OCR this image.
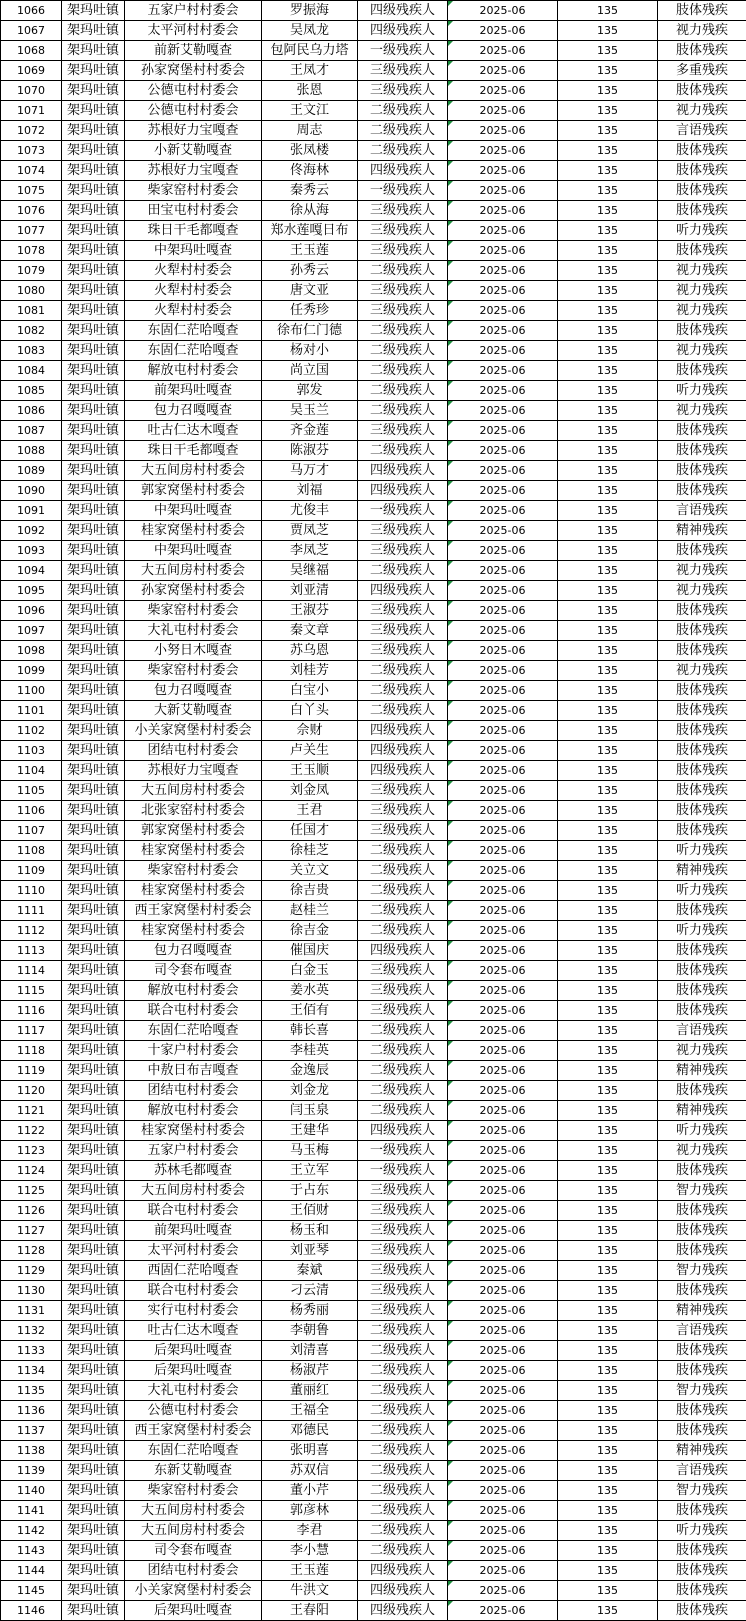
1066	架玛吐镇	五家户村村委会	罗振海	四级残疾人	2025-06	135	肢体残疾
1067	架玛吐镇	太平河村村委会	吴凤龙	四级残疾人	2025-06	135	视力残疾
1068	架玛吐镇	前新艾勒嘎查	包阿民乌力塔	一级残疾人	2025-06	135	肢体残疾
1069	架玛吐镇	孙家窝堡村村委会	王凤才	三级残疾人	2025-06	135	多重残疾
1070	架玛吐镇	公德屯村村委会	张恩	三级残疾人	2025-06	135	肢体残疾
1071	架玛吐镇	公德屯村村委会	王文江	二级残疾人	2025-06	135	视力残疾
1072	架玛吐镇	苏根好力宝嘎查	周志	二级残疾人	2025-06	135	言语残疾
1073	架玛吐镇	小新艾勒嘎查	张凤楼	二级残疾人	2025-06	135	肢体残疾
1074	架玛吐镇	苏根好力宝嘎查	佟海林	四级残疾人	2025-06	135	肢体残疾
1075	架玛吐镇	柴家窑村村委会	秦秀云	一级残疾人	2025-06	135	肢体残疾
1076	架玛吐镇	田宝屯村村委会	徐从海	三级残疾人	2025-06	135	肢体残疾
1077	架玛吐镇	珠日干毛都嘎查	郑水莲嘎日布	三级残疾人	2025-06	135	听力残疾
1078	架玛吐镇	中架玛吐嘎查	王玉莲	三级残疾人	2025-06	135	肢体残疾
1079	架玛吐镇	火犁村村委会	孙秀云	二级残疾人	2025-06	135	视力残疾
1080	架玛吐镇	火犁村村委会	唐文亚	三级残疾人	2025-06	135	视力残疾
1081	架玛吐镇	火犁村村委会	任秀珍	三级残疾人	2025-06	135	视力残疾
1082	架玛吐镇	东固仁茫哈嘎查	徐布仁门德	二级残疾人	2025-06	135	肢体残疾
1083	架玛吐镇	东固仁茫哈嘎查	杨对小	二级残疾人	2025-06	135	视力残疾
1084	架玛吐镇	解放屯村村委会	尚立国	二级残疾人	2025-06	135	肢体残疾
1085	架玛吐镇	前架玛吐嘎查	郭发	二级残疾人	2025-06	135	听力残疾
1086	架玛吐镇	包力召嘎嘎查	吴玉兰	二级残疾人	2025-06	135	视力残疾
1087	架玛吐镇	吐古仁达木嘎查	齐金莲	三级残疾人	2025-06	135	肢体残疾
1088	架玛吐镇	珠日干毛都嘎查	陈淑芬	二级残疾人	2025-06	135	肢体残疾
1089	架玛吐镇	大五间房村村委会	马万才	四级残疾人	2025-06	135	肢体残疾
1090	架玛吐镇	郭家窝堡村村委会	刘福	四级残疾人	2025-06	135	肢体残疾
1091	架玛吐镇	中架玛吐嘎查	尤俊丰	一级残疾人	2025-06	135	言语残疾
1092	架玛吐镇	桂家窝堡村村委会	贾凤芝	三级残疾人	2025-06	135	精神残疾
1093	架玛吐镇	中架玛吐嘎查	李凤芝	三级残疾人	2025-06	135	肢体残疾
1094	架玛吐镇	大五间房村村委会	吴继福	二级残疾人	2025-06	135	视力残疾
1095	架玛吐镇	孙家窝堡村村委会	刘亚清	四级残疾人	2025-06	135	视力残疾
1096	架玛吐镇	柴家窑村村委会	王淑芬	三级残疾人	2025-06	135	肢体残疾
1097	架玛吐镇	大礼屯村村委会	秦文章	三级残疾人	2025-06	135	肢体残疾
1098	架玛吐镇	小努日木嘎查	苏乌恩	三级残疾人	2025-06	135	肢体残疾
1099	架玛吐镇	柴家窑村村委会	刘桂芳	二级残疾人	2025-06	135	视力残疾
1100	架玛吐镇	包力召嘎嘎查	白宝小	二级残疾人	2025-06	135	肢体残疾
1101	架玛吐镇	大新艾勒嘎查	白丫头	二级残疾人	2025-06	135	肢体残疾
1102	架玛吐镇	小关家窝堡村村委会	佘财	四级残疾人	2025-06	135	肢体残疾
1103	架玛吐镇	团结屯村村委会	卢关生	四级残疾人	2025-06	135	肢体残疾
1104	架玛吐镇	苏根好力宝嘎查	王玉顺	四级残疾人	2025-06	135	肢体残疾
1105	架玛吐镇	大五间房村村委会	刘金凤	三级残疾人	2025-06	135	肢体残疾
1106	架玛吐镇	北张家窑村村委会	王君	三级残疾人	2025-06	135	肢体残疾
1107	架玛吐镇	郭家窝堡村村委会	任国才	三级残疾人	2025-06	135	肢体残疾
1108	架玛吐镇	桂家窝堡村村委会	徐桂芝	二级残疾人	2025-06	135	听力残疾
1109	架玛吐镇	柴家窑村村委会	关立文	二级残疾人	2025-06	135	精神残疾
1110	架玛吐镇	桂家窝堡村村委会	徐吉贵	二级残疾人	2025-06	135	听力残疾
1111	架玛吐镇	西王家窝堡村村委会	赵桂兰	二级残疾人	2025-06	135	肢体残疾
1112	架玛吐镇	桂家窝堡村村委会	徐吉金	二级残疾人	2025-06	135	听力残疾
1113	架玛吐镇	包力召嘎嘎查	催国庆	四级残疾人	2025-06	135	肢体残疾
1114	架玛吐镇	司令套布嘎查	白金玉	三级残疾人	2025-06	135	肢体残疾
1115	架玛吐镇	解放屯村村委会	姜水英	三级残疾人	2025-06	135	肢体残疾
1116	架玛吐镇	联合屯村村委会	王佰有	三级残疾人	2025-06	135	肢体残疾
1117	架玛吐镇	东固仁茫哈嘎查	韩长喜	二级残疾人	2025-06	135	言语残疾
1118	架玛吐镇	十家户村村委会	李桂英	二级残疾人	2025-06	135	视力残疾
1119	架玛吐镇	中敖日布吉嘎查	金逸辰	二级残疾人	2025-06	135	精神残疾
1120	架玛吐镇	团结屯村村委会	刘金龙	二级残疾人	2025-06	135	肢体残疾
1121	架玛吐镇	解放屯村村委会	闫玉泉	二级残疾人	2025-06	135	精神残疾
1122	架玛吐镇	桂家窝堡村村委会	王建华	四级残疾人	2025-06	135	听力残疾
1123	架玛吐镇	五家户村村委会	马玉梅	一级残疾人	2025-06	135	视力残疾
1124	架玛吐镇	苏林毛都嘎查	王立军	一级残疾人	2025-06	135	肢体残疾
1125	架玛吐镇	大五间房村村委会	于占东	三级残疾人	2025-06	135	智力残疾
1126	架玛吐镇	联合屯村村委会	王佰财	三级残疾人	2025-06	135	肢体残疾
1127	架玛吐镇	前架玛吐嘎查	杨玉和	三级残疾人	2025-06	135	肢体残疾
1128	架玛吐镇	太平河村村委会	刘亚琴	三级残疾人	2025-06	135	肢体残疾
1129	架玛吐镇	西固仁茫哈嘎查	秦斌	三级残疾人	2025-06	135	智力残疾
1130	架玛吐镇	联合屯村村委会	刁云清	三级残疾人	2025-06	135	肢体残疾
1131	架玛吐镇	实行屯村村委会	杨秀丽	三级残疾人	2025-06	135	精神残疾
1132	架玛吐镇	吐古仁达木嘎查	李朝鲁	二级残疾人	2025-06	135	言语残疾
1133	架玛吐镇	后架玛吐嘎查	刘清喜	二级残疾人	2025-06	135	肢体残疾
1134	架玛吐镇	后架玛吐嘎查	杨淑芹	二级残疾人	2025-06	135	肢体残疾
1135	架玛吐镇	大礼屯村村委会	董丽红	二级残疾人	2025-06	135	智力残疾
1136	架玛吐镇	公德屯村村委会	王福全	二级残疾人	2025-06	135	肢体残疾
1137	架玛吐镇	西王家窝堡村村委会	邓德民	二级残疾人	2025-06	135	肢体残疾
1138	架玛吐镇	东固仁茫哈嘎查	张明喜	二级残疾人	2025-06	135	精神残疾
1139	架玛吐镇	东新艾勒嘎查	苏双信	二级残疾人	2025-06	135	言语残疾
1140	架玛吐镇	柴家窑村村委会	董小芹	二级残疾人	2025-06	135	智力残疾
1141	架玛吐镇	大五间房村村委会	郭彦林	二级残疾人	2025-06	135	肢体残疾
1142	架玛吐镇	大五间房村村委会	李君	二级残疾人	2025-06	135	听力残疾
1143	架玛吐镇	司令套布嘎查	李小慧	二级残疾人	2025-06	135	肢体残疾
1144	架玛吐镇	团结屯村村委会	王玉莲	四级残疾人	2025-06	135	肢体残疾
1145	架玛吐镇	小关家窝堡村村委会	牛洪文	四级残疾人	2025-06	135	肢体残疾
1146	架玛吐镇	后架玛吐嘎查	王春阳	四级残疾人	2025-06	135	肢体残疾
